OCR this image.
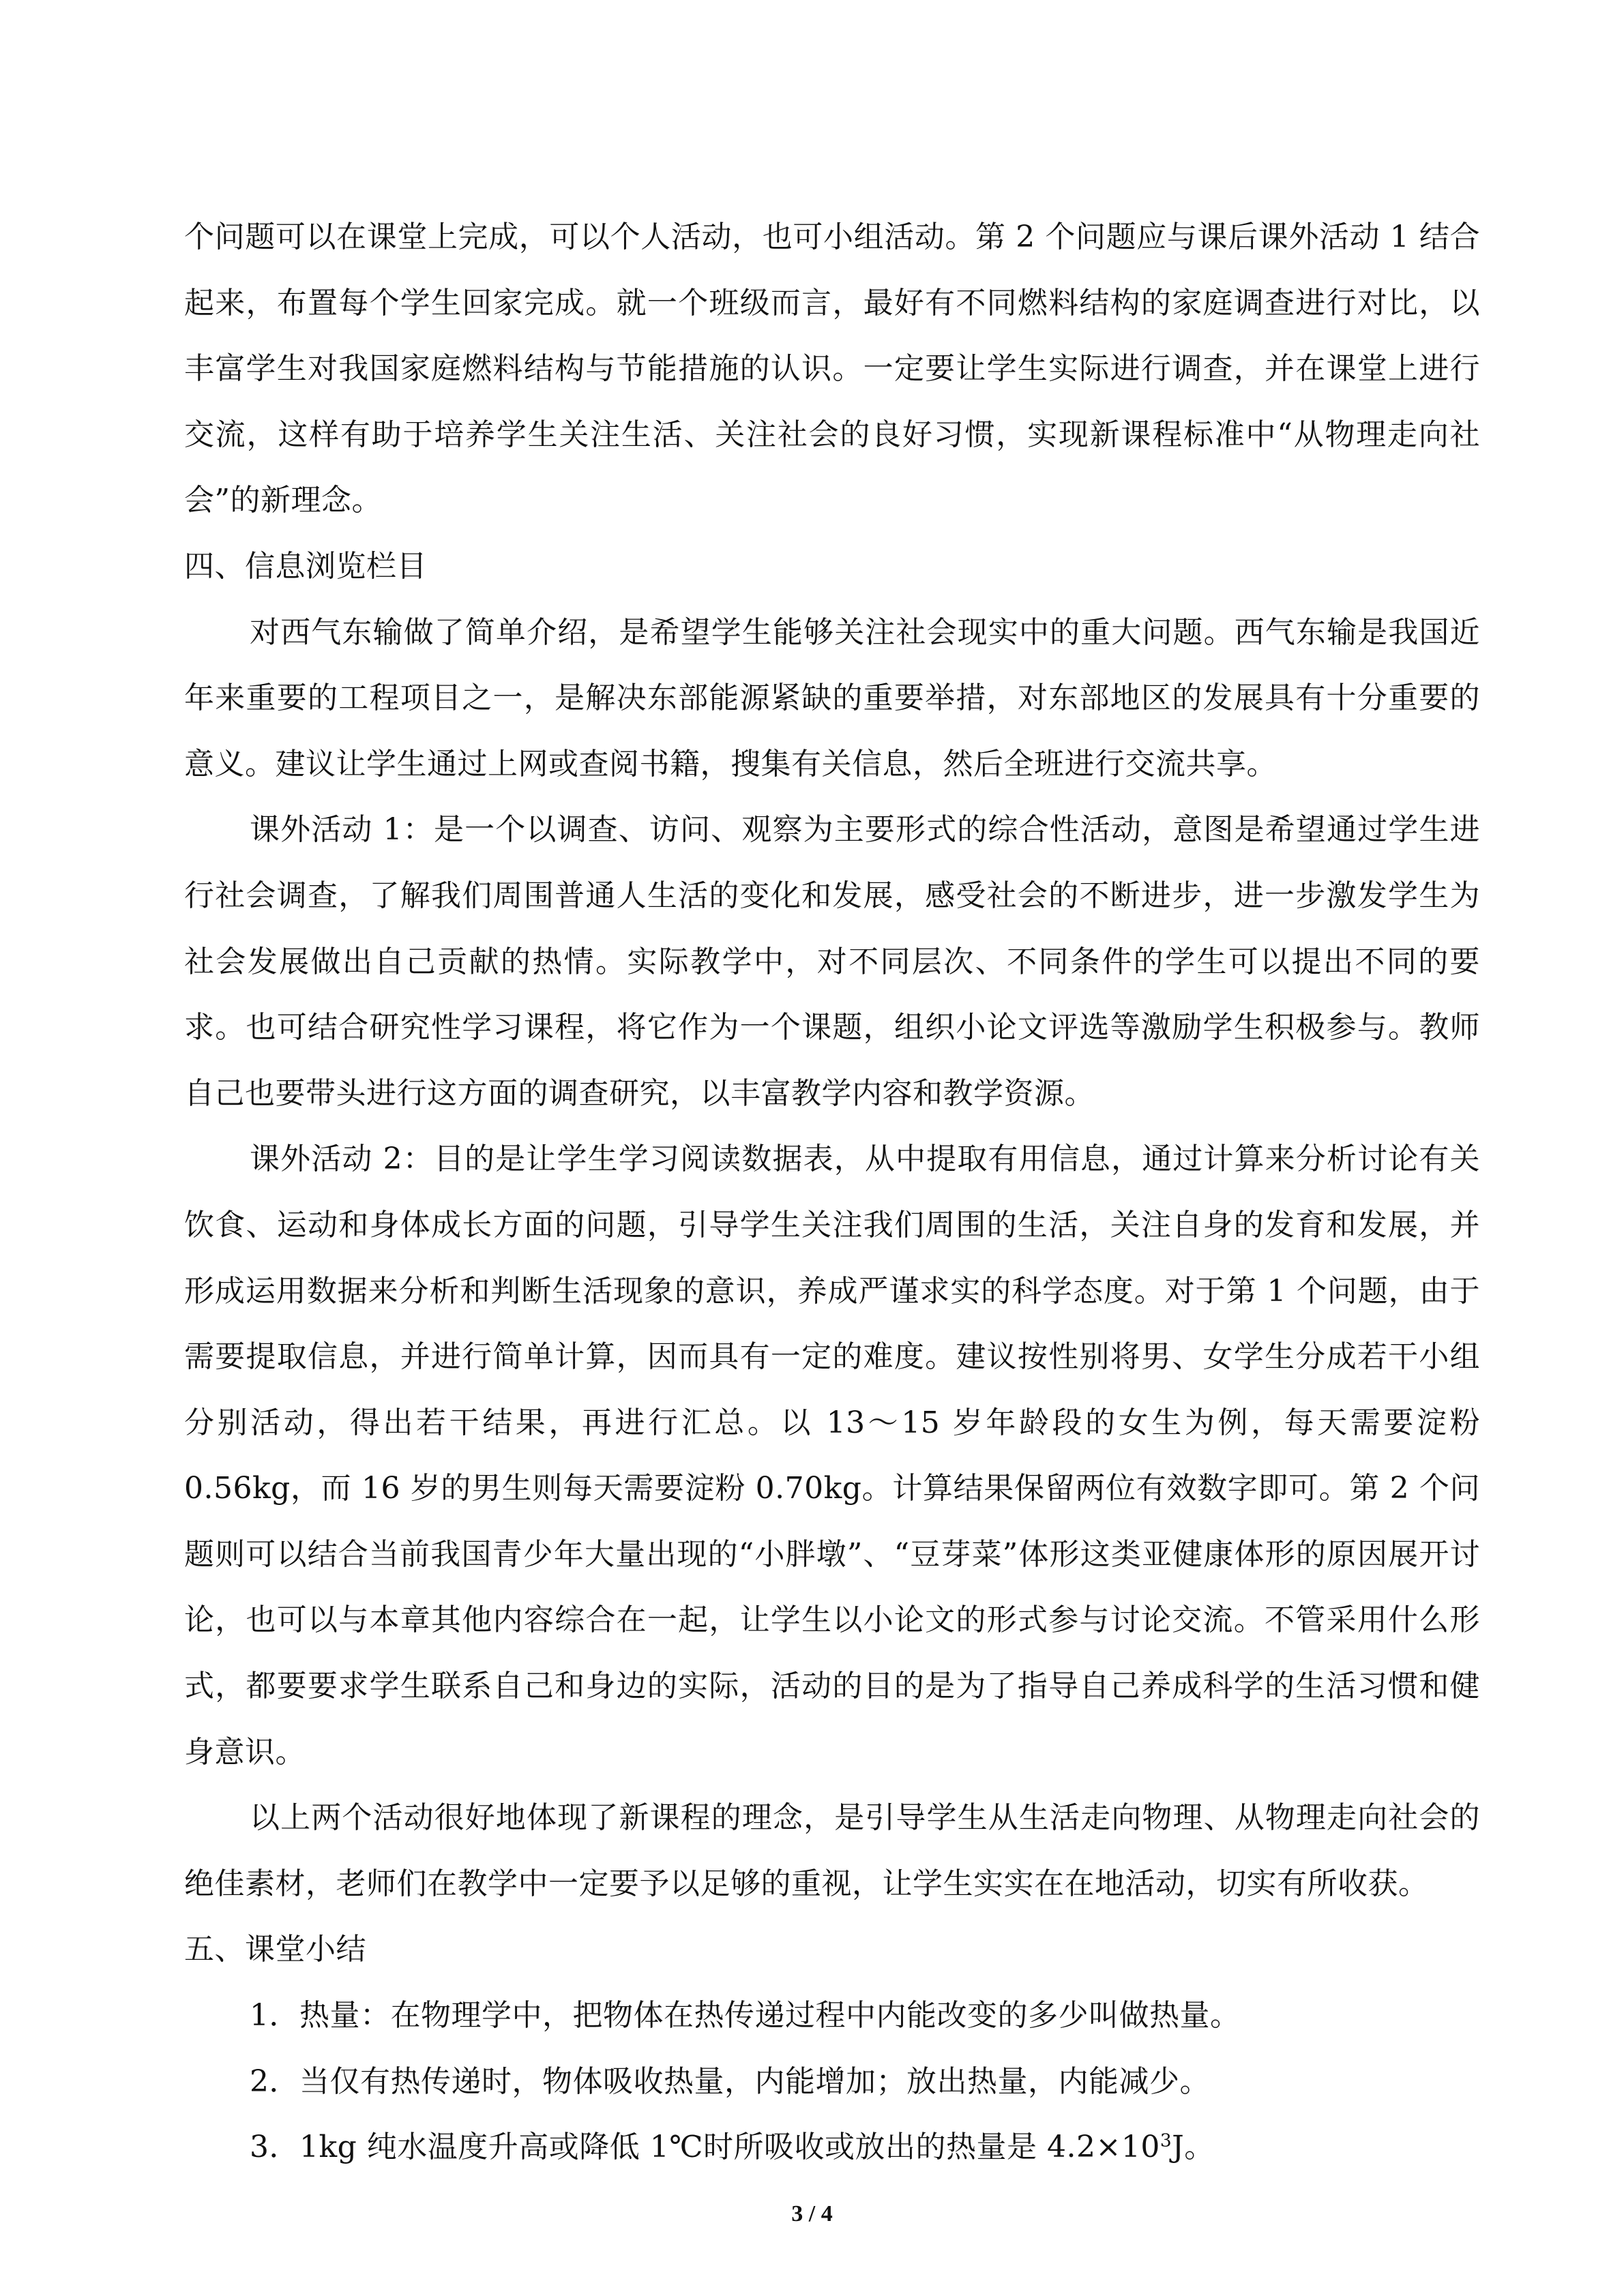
个问题可以在课堂上完成，可以个人活动，也可小组活动。第 2 个问题应与课后课外活动 1 结合起来，布置每个学生回家完成。就一个班级而言，最好有不同燃料结构的家庭调查进行对比，以丰富学生对我国家庭燃料结构与节能措施的认识。一定要让学生实际进行调查，并在课堂上进行交流，这样有助于培养学生关注生活、关注社会的良好习惯，实现新课程标准中“从物理走向社会”的新理念。

四、信息浏览栏目

对西气东输做了简单介绍，是希望学生能够关注社会现实中的重大问题。西气东输是我国近年来重要的工程项目之一，是解决东部能源紧缺的重要举措，对东部地区的发展具有十分重要的意义。建议让学生通过上网或查阅书籍，搜集有关信息，然后全班进行交流共享。

课外活动 1：是一个以调查、访问、观察为主要形式的综合性活动，意图是希望通过学生进行社会调查，了解我们周围普通人生活的变化和发展，感受社会的不断进步，进一步激发学生为社会发展做出自己贡献的热情。实际教学中，对不同层次、不同条件的学生可以提出不同的要求。也可结合研究性学习课程，将它作为一个课题，组织小论文评选等激励学生积极参与。教师自己也要带头进行这方面的调查研究，以丰富教学内容和教学资源。

课外活动 2：目的是让学生学习阅读数据表，从中提取有用信息，通过计算来分析讨论有关饮食、运动和身体成长方面的问题，引导学生关注我们周围的生活，关注自身的发育和发展，并形成运用数据来分析和判断生活现象的意识，养成严谨求实的科学态度。对于第 1 个问题，由于需要提取信息，并进行简单计算，因而具有一定的难度。建议按性别将男、女学生分成若干小组分别活动，得出若干结果，再进行汇总。以 13～15 岁年龄段的女生为例，每天需要淀粉 0.56kg，而 16 岁的男生则每天需要淀粉 0.70kg。计算结果保留两位有效数字即可。第 2 个问题则可以结合当前我国青少年大量出现的“小胖墩”、“豆芽菜”体形这类亚健康体形的原因展开讨论，也可以与本章其他内容综合在一起，让学生以小论文的形式参与讨论交流。不管采用什么形式，都要要求学生联系自己和身边的实际，活动的目的是为了指导自己养成科学的生活习惯和健身意识。

以上两个活动很好地体现了新课程的理念，是引导学生从生活走向物理、从物理走向社会的绝佳素材，老师们在教学中一定要予以足够的重视，让学生实实在在地活动，切实有所收获。

五、课堂小结

1．热量：在物理学中，把物体在热传递过程中内能改变的多少叫做热量。

2．当仅有热传递时，物体吸收热量，内能增加；放出热量，内能减少。

3．1kg 纯水温度升高或降低 1℃时所吸收或放出的热量是 $4.2\times 10^3J$。

3 / 4
